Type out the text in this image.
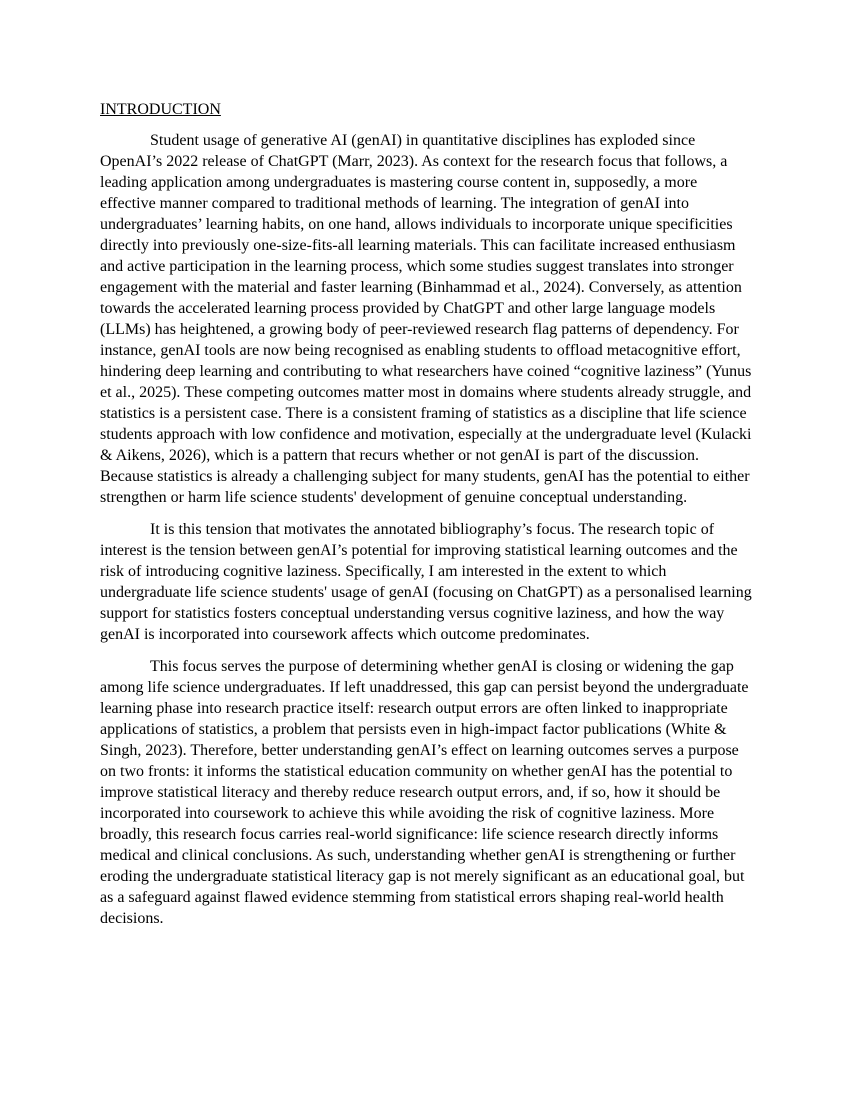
INTRODUCTION

Student usage of generative AI (genAI) in quantitative disciplines has exploded since OpenAI’s 2022 release of ChatGPT (Marr, 2023). As context for the research focus that follows, a leading application among undergraduates is mastering course content in, supposedly, a more effective manner compared to traditional methods of learning. The integration of genAI into undergraduates’ learning habits, on one hand, allows individuals to incorporate unique specificities directly into previously one-size-fits-all learning materials. This can facilitate increased enthusiasm and active participation in the learning process, which some studies suggest translates into stronger engagement with the material and faster learning (Binhammad et al., 2024). Conversely, as attention towards the accelerated learning process provided by ChatGPT and other large language models (LLMs) has heightened, a growing body of peer-reviewed research flag patterns of dependency. For instance, genAI tools are now being recognised as enabling students to offload metacognitive effort, hindering deep learning and contributing to what researchers have coined “cognitive laziness” (Yunus et al., 2025). These competing outcomes matter most in domains where students already struggle, and statistics is a persistent case. There is a consistent framing of statistics as a discipline that life science students approach with low confidence and motivation, especially at the undergraduate level (Kulacki & Aikens, 2026), which is a pattern that recurs whether or not genAI is part of the discussion. Because statistics is already a challenging subject for many students, genAI has the potential to either strengthen or harm life science students' development of genuine conceptual understanding.

It is this tension that motivates the annotated bibliography’s focus. The research topic of interest is the tension between genAI’s potential for improving statistical learning outcomes and the risk of introducing cognitive laziness. Specifically, I am interested in the extent to which undergraduate life science students' usage of genAI (focusing on ChatGPT) as a personalised learning support for statistics fosters conceptual understanding versus cognitive laziness, and how the way genAI is incorporated into coursework affects which outcome predominates.

This focus serves the purpose of determining whether genAI is closing or widening the gap among life science undergraduates. If left unaddressed, this gap can persist beyond the undergraduate learning phase into research practice itself: research output errors are often linked to inappropriate applications of statistics, a problem that persists even in high-impact factor publications (White & Singh, 2023). Therefore, better understanding genAI’s effect on learning outcomes serves a purpose on two fronts: it informs the statistical education community on whether genAI has the potential to improve statistical literacy and thereby reduce research output errors, and, if so, how it should be incorporated into coursework to achieve this while avoiding the risk of cognitive laziness. More broadly, this research focus carries real-world significance: life science research directly informs medical and clinical conclusions. As such, understanding whether genAI is strengthening or further eroding the undergraduate statistical literacy gap is not merely significant as an educational goal, but as a safeguard against flawed evidence stemming from statistical errors shaping real-world health decisions.
